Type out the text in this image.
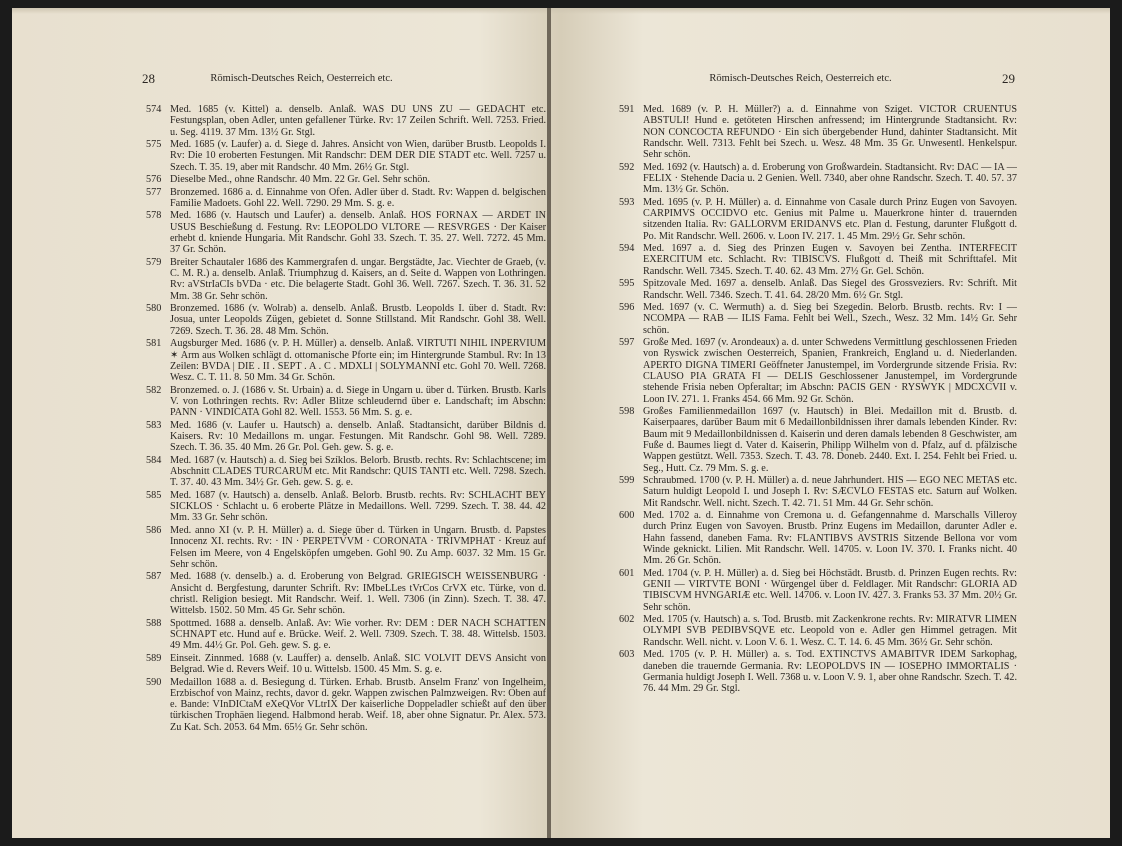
28	Römisch-Deutsches Reich, Oesterreich etc.
574 Med. 1685 (v. Kittel) a. denselb. Anlaß. WAS DU UNS ZU — GEDACHT etc. Festungsplan, oben Adler, unten gefallener Türke. Rv: 17 Zeilen Schrift. Well. 7253. Fried. u. Seg. 4119. 37 Mm. 13½ Gr. Stgl.
575 Med. 1685 (v. Laufer) a. d. Siege d. Jahres. Ansicht von Wien, darüber Brustb. Leopolds I. Rv: Die 10 eroberten Festungen. Mit Randschr: DEM DER DIE STADT etc. Well. 7257 u. Szech. T. 35. 19, aber mit Randschr. 40 Mm. 26½ Gr. Stgl.
576 Dieselbe Med., ohne Randschr. 40 Mm. 22 Gr. Gel. Sehr schön.
577 Bronzemed. 1686 a. d. Einnahme von Ofen. Adler über d. Stadt. Rv: Wappen d. belgischen Familie Madoets. Gohl 22. Well. 7290. 29 Mm. S. g. e.
578 Med. 1686 (v. Hautsch und Laufer) a. denselb. Anlaß. HOS FORNAX — ARDET IN USUS Beschießung d. Festung. Rv: LEOPOLDO VLTORE — RESVRGES · Der Kaiser erhebt d. kniende Hungaria. Mit Randschr. Gohl 33. Szech. T. 35. 27. Well. 7272. 45 Mm. 37 Gr. Schön.
579 Breiter Schautaler 1686 des Kammergrafen d. ungar. Bergstädte, Jac. Viechter de Graeb, (v. C. M. R.) a. denselb. Anlaß. Triumphzug d. Kaisers, an d. Seite d. Wappen von Lothringen. Rv: aVStrIaCIs bVDa · etc. Die belagerte Stadt. Gohl 36. Well. 7267. Szech. T. 36. 31. 52 Mm. 38 Gr. Sehr schön.
580 Bronzemed. 1686 (v. Wolrab) a. denselb. Anlaß. Brustb. Leopolds I. über d. Stadt. Rv: Josua, unter Leopolds Zügen, gebietet d. Sonne Stillstand. Mit Randschr. Gohl 38. Well. 7269. Szech. T. 36. 28. 48 Mm. Schön.
581 Augsburger Med. 1686 (v. P. H. Müller) a. denselb. Anlaß. VIRTUTI NIHIL INPERVIUM ✶ Arm aus Wolken schlägt d. ottomanische Pforte ein; im Hintergrunde Stambul. Rv: In 13 Zeilen: BVDA | DIE . II . SEPT . A . C . MDXLI | SOLYMANNI etc. Gohl 70. Well. 7268. Wesz. C. T. 11. 8. 50 Mm. 34 Gr. Schön.
582 Bronzemed. o. J. (1686 v. St. Urbain) a. d. Siege in Ungarn u. über d. Türken. Brustb. Karls V. von Lothringen rechts. Rv: Adler Blitze schleudernd über e. Landschaft; im Abschn: PANN · VINDICATA Gohl 82. Well. 1553. 56 Mm. S. g. e.
583 Med. 1686 (v. Laufer u. Hautsch) a. denselb. Anlaß. Stadtansicht, darüber Bildnis d. Kaisers. Rv: 10 Medaillons m. ungar. Festungen. Mit Randschr. Gohl 98. Well. 7289. Szech. T. 36. 35. 40 Mm. 26 Gr. Pol. Geh. gew. S. g. e.
584 Med. 1687 (v. Hautsch) a. d. Sieg bei Szíklos. Belorb. Brustb. rechts. Rv: Schlachtscene; im Abschnitt CLADES TURCARUM etc. Mit Randschr: QUIS TANTI etc. Well. 7298. Szech. T. 37. 40. 43 Mm. 34½ Gr. Geh. gew. S. g. e.
585 Med. 1687 (v. Hautsch) a. denselb. Anlaß. Belorb. Brustb. rechts. Rv: SCHLACHT BEY SICKLOS · Schlacht u. 6 eroberte Plätze in Medaillons. Well. 7299. Szech. T. 38. 44. 42 Mm. 33 Gr. Sehr schön.
586 Med. anno XI (v. P. H. Müller) a. d. Siege über d. Türken in Ungarn. Brustb. d. Papstes Innocenz XI. rechts. Rv: · IN · PERPETVVM · CORONATA · TRIVMPHAT · Kreuz auf Felsen im Meere, von 4 Engelsköpfen umgeben. Gohl 90. Zu Amp. 6037. 32 Mm. 15 Gr. Sehr schön.
587 Med. 1688 (v. denselb.) a. d. Eroberung von Belgrad. GRIEGISCH WEISSENBURG · Ansicht d. Bergfestung, darunter Schrift. Rv: IMbeLLes tVrCos CrVX etc. Türke, von d. christl. Religion besiegt. Mit Randschr. Weif. 1. Well. 7306 (in Zinn). Szech. T. 38. 47. Wittelsb. 1502. 50 Mm. 45 Gr. Sehr schön.
588 Spottmed. 1688 a. denselb. Anlaß. Av: Wie vorher. Rv: DEM : DER NACH SCHATTEN SCHNAPT etc. Hund auf e. Brücke. Weif. 2. Well. 7309. Szech. T. 38. 48. Wittelsb. 1503. 49 Mm. 44½ Gr. Pol. Geh. gew. S. g. e.
589 Einseit. Zinnmed. 1688 (v. Lauffer) a. denselb. Anlaß. SIC VOLVIT DEVS Ansicht von Belgrad. Wie d. Revers Weif. 10 u. Wittelsb. 1500. 45 Mm. S. g. e.
590 Medaillon 1688 a. d. Besiegung d. Türken. Erhab. Brustb. Anselm Franz' von Ingelheim, Erzbischof von Mainz, rechts, davor d. gekr. Wappen zwischen Palmzweigen. Rv: Oben auf e. Bande: VInDICtaM eXeQVor VLtrIX Der kaiserliche Doppeladler schießt auf den über türkischen Trophäen liegend. Halbmond herab. Weif. 18, aber ohne Signatur. Pr. Alex. 573. Zu Kat. Sch. 2053. 64 Mm. 65½ Gr. Sehr schön.
Römisch-Deutsches Reich, Oesterreich etc.	29
591 Med. 1689 (v. P. H. Müller?) a. d. Einnahme von Sziget. VICTOR CRUENTUS ABSTULI! Hund e. getöteten Hirschen anfressend; im Hintergrunde Stadtansicht. Rv: NON CONCOCTA REFUNDO · Ein sich übergebender Hund, dahinter Stadtansicht. Mit Randschr. Well. 7313. Fehlt bei Szech. u. Wesz. 48 Mm. 35 Gr. Unwesentl. Henkelspur. Sehr schön.
592 Med. 1692 (v. Hautsch) a. d. Eroberung von Großwardein. Stadtansicht. Rv: DAC — IA — FELIX · Stehende Dacia u. 2 Genien. Well. 7340, aber ohne Randschr. Szech. T. 40. 57. 37 Mm. 13½ Gr. Schön.
593 Med. 1695 (v. P. H. Müller) a. d. Einnahme von Casale durch Prinz Eugen von Savoyen. CARPIMVS OCCIDVO etc. Genius mit Palme u. Mauerkrone hinter d. trauernden sitzenden Italia. Rv: GALLORVM ERIDANVS etc. Plan d. Festung, darunter Flußgott d. Po. Mit Randschr. Well. 2606. v. Loon IV. 217. 1. 45 Mm. 29½ Gr. Sehr schön.
594 Med. 1697 a. d. Sieg des Prinzen Eugen v. Savoyen bei Zentha. INTERFECIT EXERCITUM etc. Schlacht. Rv: TIBISCVS. Flußgott d. Theiß mit Schrifttafel. Mit Randschr. Well. 7345. Szech. T. 40. 62. 43 Mm. 27½ Gr. Gel. Schön.
595 Spitzovale Med. 1697 a. denselb. Anlaß. Das Siegel des Grossveziers. Rv: Schrift. Mit Randschr. Well. 7346. Szech. T. 41. 64. 28/20 Mm. 6½ Gr. Stgl.
596 Med. 1697 (v. C. Wermuth) a. d. Sieg bei Szegedin. Belorb. Brustb. rechts. Rv: I — NCOMPA — RAB — ILIS Fama. Fehlt bei Well., Szech., Wesz. 32 Mm. 14½ Gr. Sehr schön.
597 Große Med. 1697 (v. Arondeaux) a. d. unter Schwedens Vermittlung geschlossenen Frieden von Ryswick zwischen Oesterreich, Spanien, Frankreich, England u. d. Niederlanden. APERTO DIGNA TIMERI Geöffneter Janustempel, im Vordergrunde sitzende Frisia. Rv: CLAUSO PIA GRATA FI — DELIS Geschlossener Janustempel, im Vordergrunde stehende Frisia neben Opferaltar; im Abschn: PACIS GEN · RYSWYK | MDCXCVII v. Loon IV. 271. 1. Franks 454. 66 Mm. 92 Gr. Schön.
598 Großes Familienmedaillon 1697 (v. Hautsch) in Blei. Medaillon mit d. Brustb. d. Kaiserpaares, darüber Baum mit 6 Medaillonbildnissen ihrer damals lebenden Kinder. Rv: Baum mit 9 Medaillonbildnissen d. Kaiserin und deren damals lebenden 8 Geschwister, am Fuße d. Baumes liegt d. Vater d. Kaiserin, Philipp Wilhelm von d. Pfalz, auf d. pfälzische Wappen gestützt. Well. 7353. Szech. T. 43. 78. Doneb. 2440. Ext. I. 254. Fehlt bei Fried. u. Seg., Hutt. Cz. 79 Mm. S. g. e.
599 Schraubmed. 1700 (v. P. H. Müller) a. d. neue Jahrhundert. HIS — EGO NEC METAS etc. Saturn huldigt Leopold I. und Joseph I. Rv: SÆCVLO FESTAS etc. Saturn auf Wolken. Mit Randschr. Well. nicht. Szech. T. 42. 71. 51 Mm. 44 Gr. Sehr schön.
600 Med. 1702 a. d. Einnahme von Cremona u. d. Gefangennahme d. Marschalls Villeroy durch Prinz Eugen von Savoyen. Brustb. Prinz Eugens im Medaillon, darunter Adler e. Hahn fassend, daneben Fama. Rv: FLANTIBVS AVSTRIS Sitzende Bellona vor vom Winde geknickt. Lilien. Mit Randschr. Well. 14705. v. Loon IV. 370. I. Franks nicht. 40 Mm. 26 Gr. Schön.
601 Med. 1704 (v. P. H. Müller) a. d. Sieg bei Höchstädt. Brustb. d. Prinzen Eugen rechts. Rv: GENII — VIRTVTE BONI · Würgengel über d. Feldlager. Mit Randschr: GLORIA AD TIBISCVM HVNGARIÆ etc. Well. 14706. v. Loon IV. 427. 3. Franks 53. 37 Mm. 20½ Gr. Sehr schön.
602 Med. 1705 (v. Hautsch) a. s. Tod. Brustb. mit Zackenkrone rechts. Rv: MIRATVR LIMEN OLYMPI SVB PEDIBVSQVE etc. Leopold von e. Adler gen Himmel getragen. Mit Randschr. Well. nicht. v. Loon V. 6. 1. Wesz. C. T. 14. 6. 45 Mm. 36½ Gr. Sehr schön.
603 Med. 1705 (v. P. H. Müller) a. s. Tod. EXTINCTVS AMABITVR IDEM Sarkophag, daneben die trauernde Germania. Rv: LEOPOLDVS IN — IOSEPHO IMMORTALIS · Germania huldigt Joseph I. Well. 7368 u. v. Loon V. 9. 1, aber ohne Randschr. Szech. T. 42. 76. 44 Mm. 29 Gr. Stgl.
